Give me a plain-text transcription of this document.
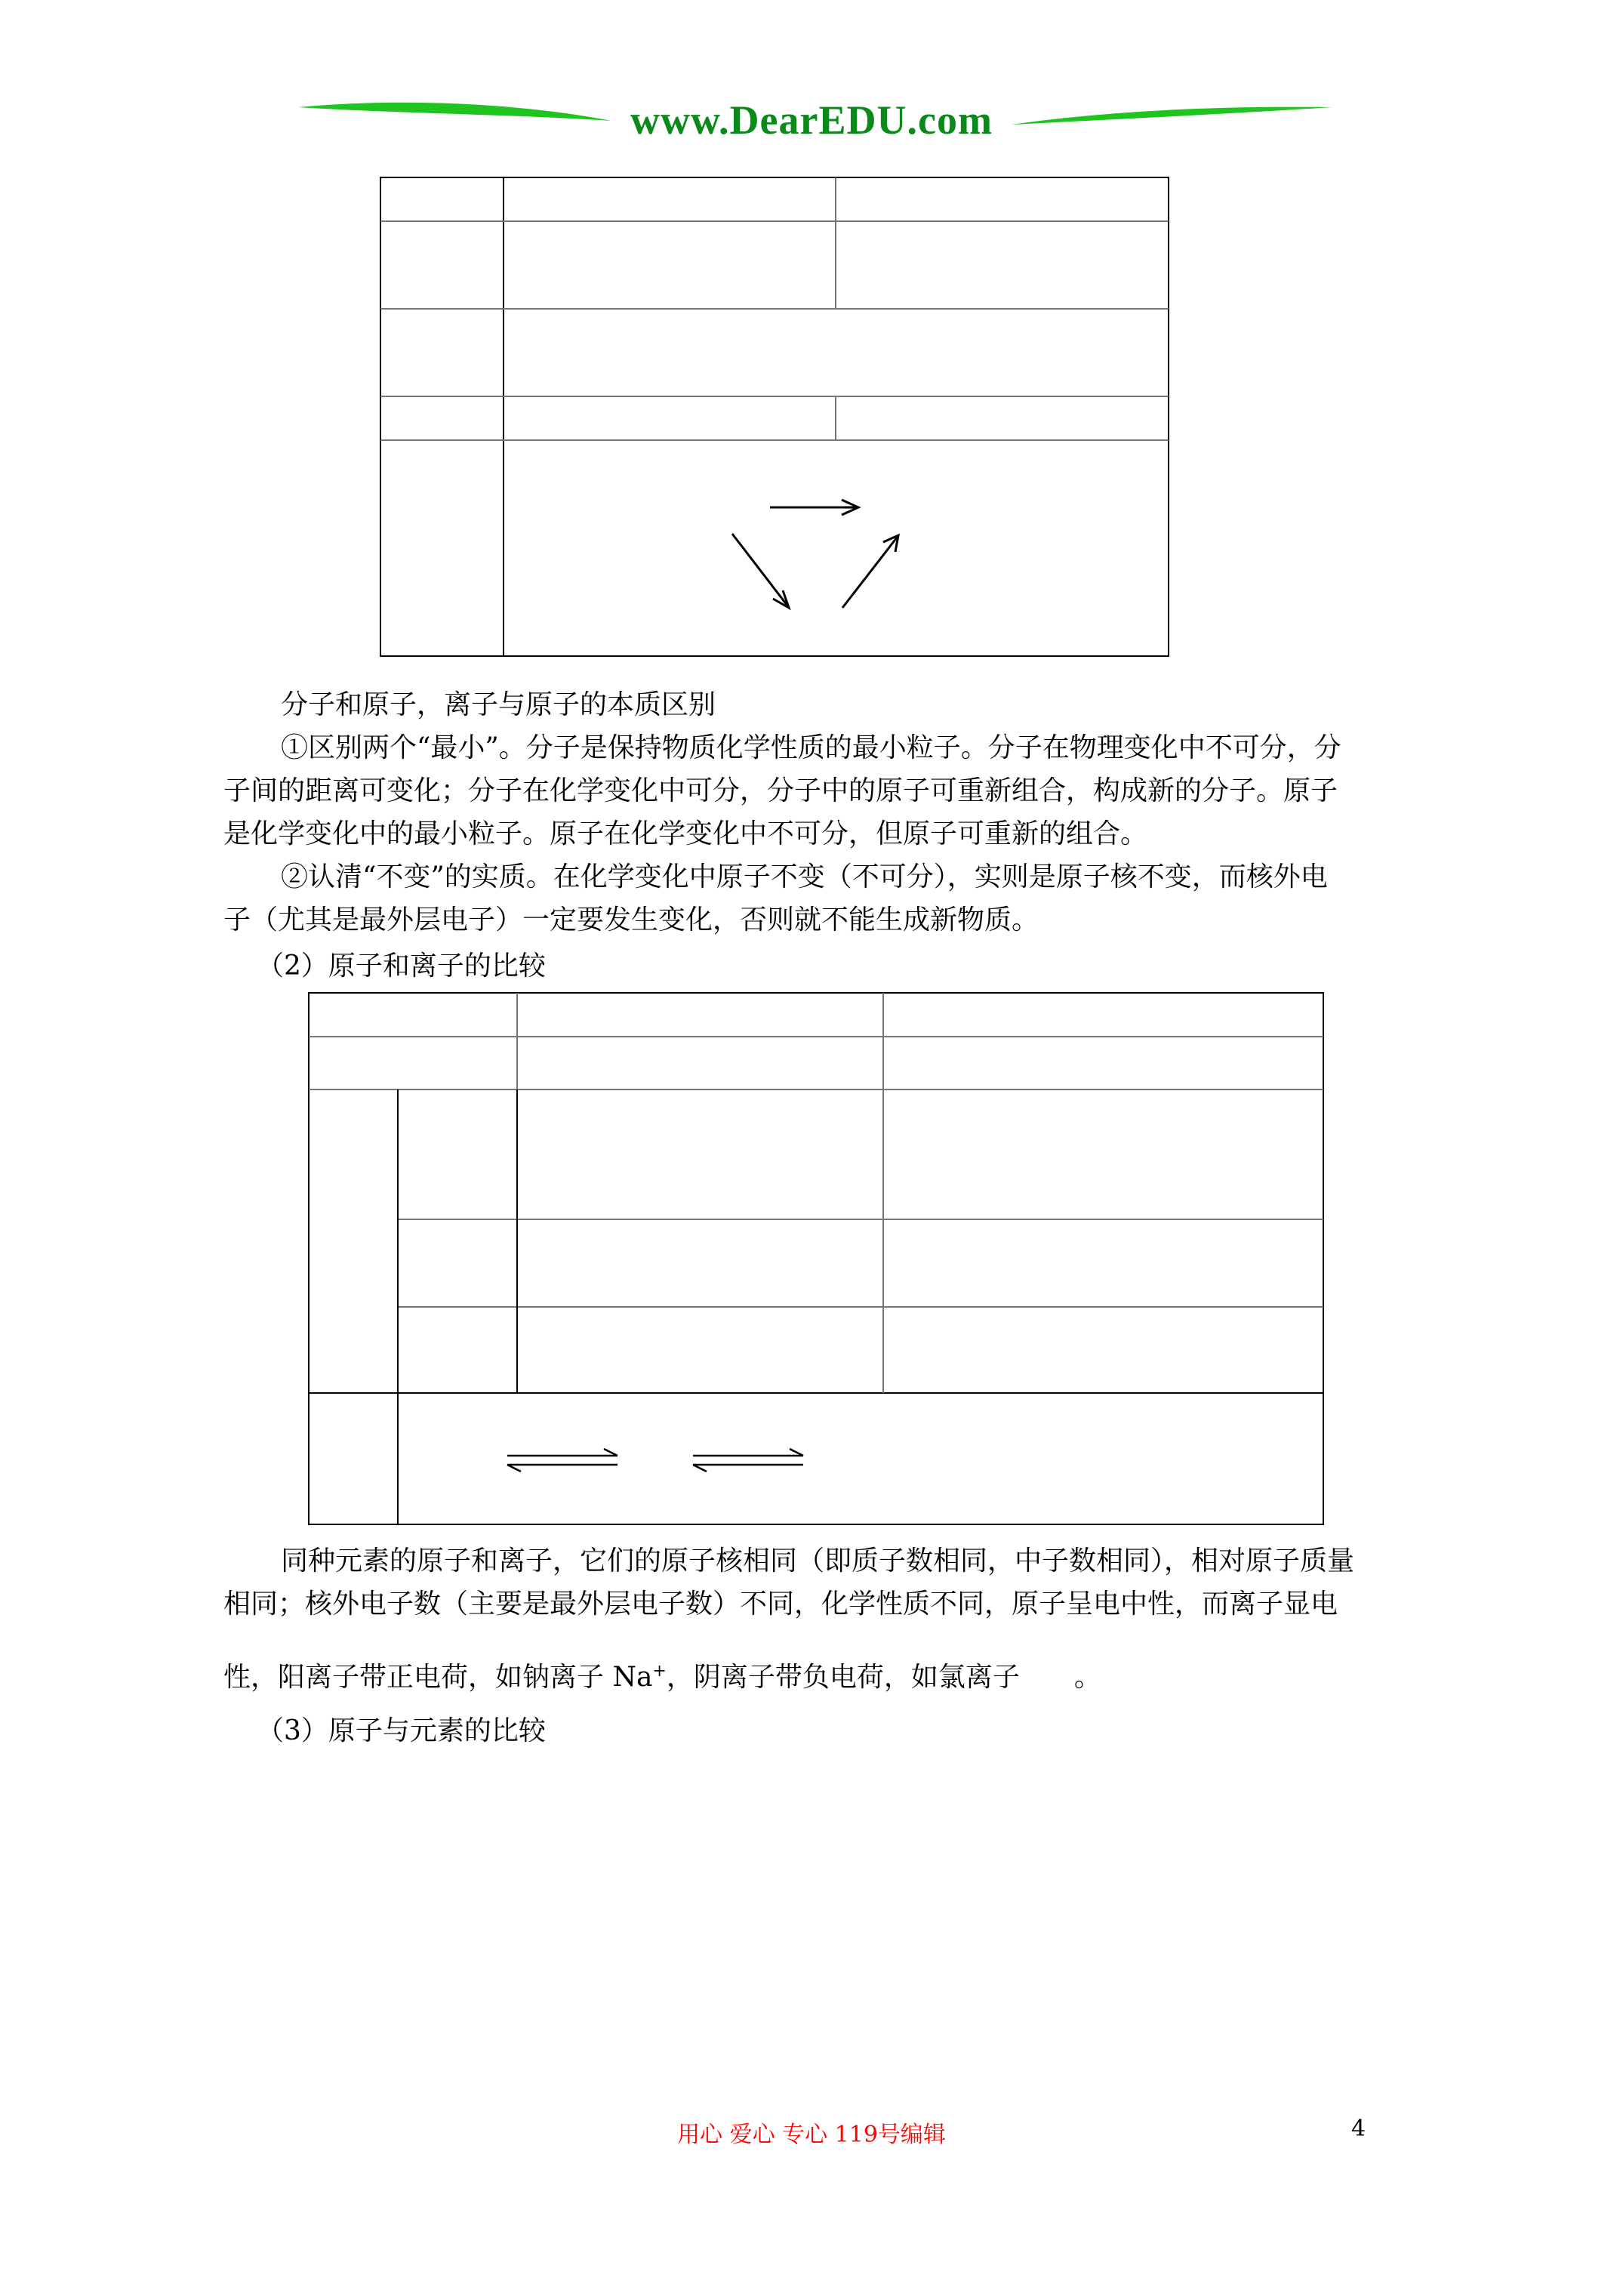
www.DearEDU.com
分子和原子，离子与原子的本质区别
①区别两个“最小”。分子是保持物质化学性质的最小粒子。分子在物理变化中不可分，分
子间的距离可变化；分子在化学变化中可分，分子中的原子可重新组合，构成新的分子。原子
是化学变化中的最小粒子。原子在化学变化中不可分，但原子可重新的组合。
②认清“不变”的实质。在化学变化中原子不变（不可分），实则是原子核不变，而核外电
子（尤其是最外层电子）一定要发生变化，否则就不能生成新物质。
（2）原子和离子的比较
同种元素的原子和离子，它们的原子核相同（即质子数相同，中子数相同），相对原子质量
相同；核外电子数（主要是最外层电子数）不同，化学性质不同，原子呈电中性，而离子显电
性，阳离子带正电荷，如钠离子 Na+，阴离子带负电荷，如氯离子 。
（3）原子与元素的比较
用心 爱心 专心 119号编辑	4
